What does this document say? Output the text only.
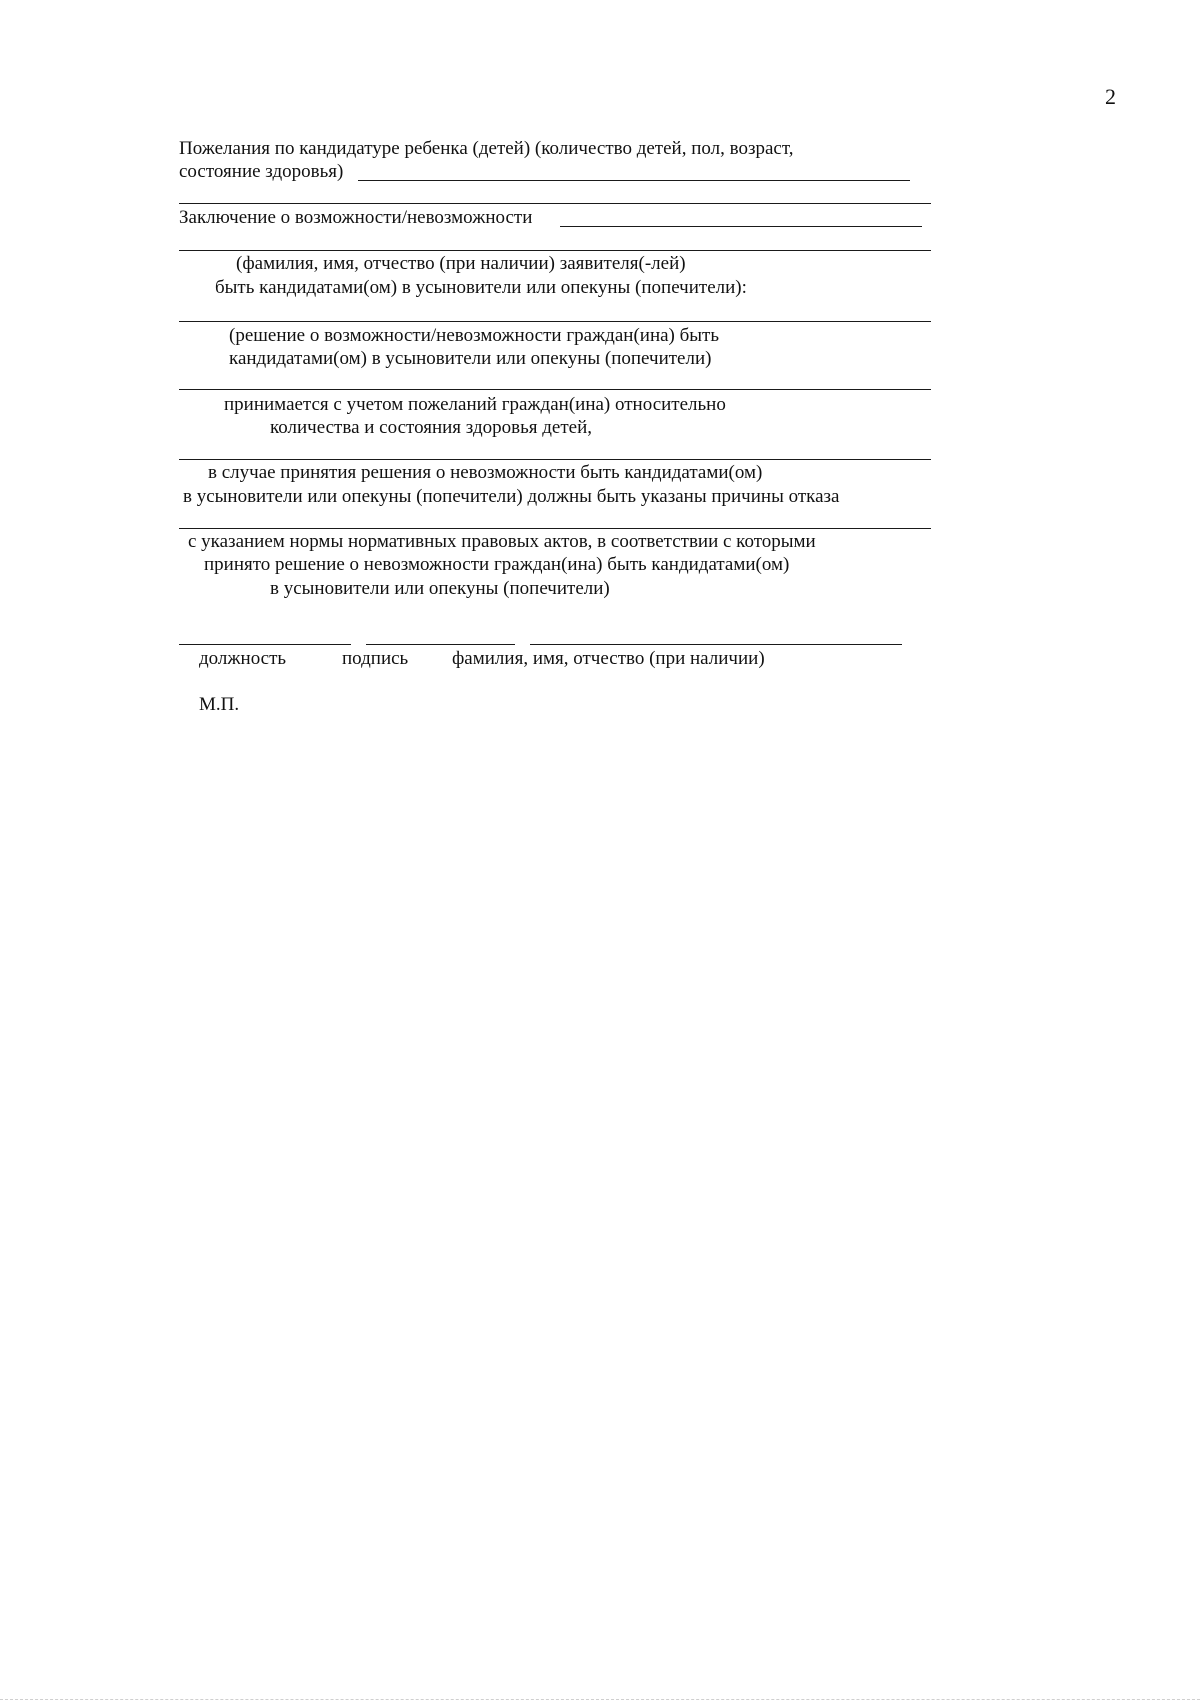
2
Пожелания по кандидатуре ребенка (детей) (количество детей, пол, возраст,
состояние здоровья)
Заключение о возможности/невозможности
(фамилия, имя, отчество (при наличии) заявителя(-лей)
быть кандидатами(ом) в усыновители или опекуны (попечители):
(решение о возможности/невозможности граждан(ина) быть
кандидатами(ом) в усыновители или опекуны (попечители)
принимается с учетом пожеланий граждан(ина) относительно
количества и состояния здоровья детей,
в случае принятия решения о невозможности быть кандидатами(ом)
в усыновители или опекуны (попечители) должны быть указаны причины отказа
с указанием нормы нормативных правовых актов, в соответствии с которыми
принято решение о невозможности граждан(ина) быть кандидатами(ом)
в усыновители или опекуны (попечители)
должность	подпись фамилия, имя, отчество (при наличии)
М.П.
